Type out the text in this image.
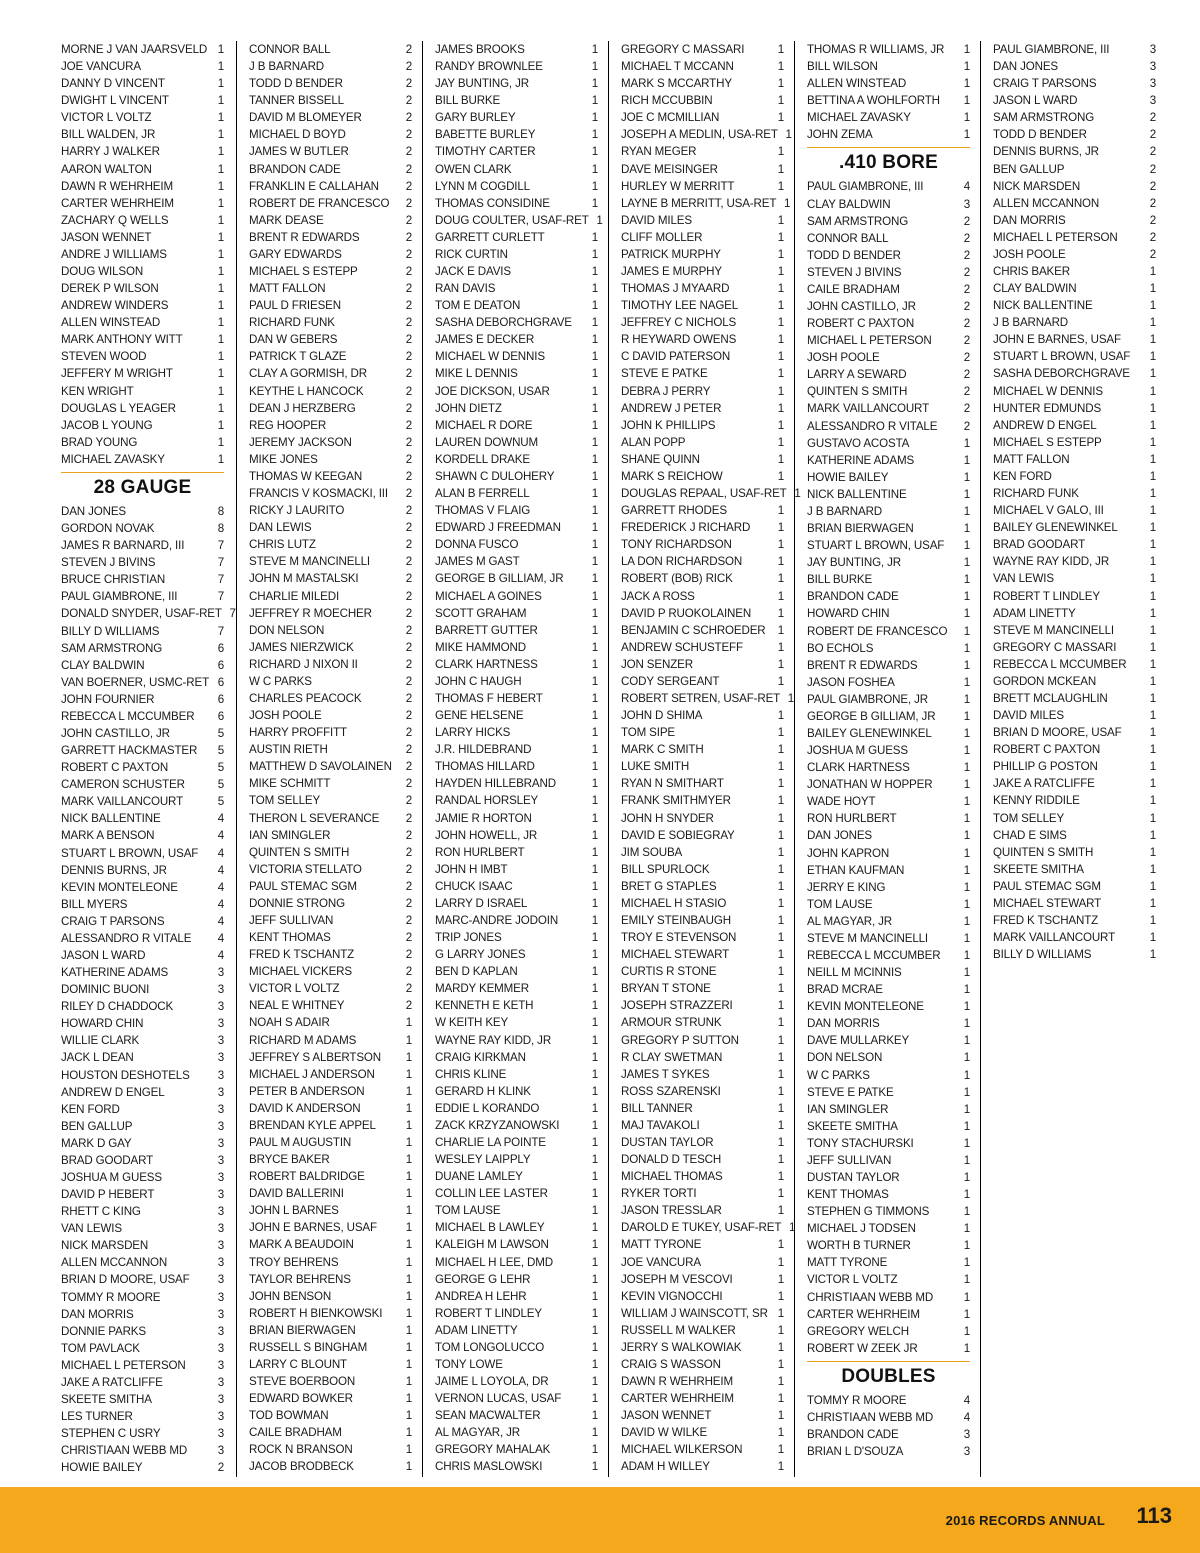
MORNE J VAN JAARSVELD 1
JOE VANCURA	1
DANNY D VINCENT	1
DWIGHT L VINCENT	1
VICTOR L VOLTZ	1
BILL WALDEN, JR	1
HARRY J WALKER	1
AARON WALTON	1
DAWN R WEHRHEIM	1
CARTER WEHRHEIM	1
ZACHARY Q WELLS	1
JASON WENNET	1
ANDRE J WILLIAMS	1
DOUG WILSON	1
DEREK P WILSON	1
ANDREW WINDERS	1
ALLEN WINSTEAD	1
MARK ANTHONY WITT	1
STEVEN WOOD	1
JEFFERY M WRIGHT	1
KEN WRIGHT	1
DOUGLAS L YEAGER	1
JACOB L YOUNG	1
BRAD YOUNG	1
MICHAEL ZAVASKY	1
28 GAUGE
DAN JONES	8
GORDON NOVAK	8
JAMES R BARNARD, III	7
STEVEN J BIVINS	7
BRUCE CHRISTIAN	7
PAUL GIAMBRONE, III	7
DONALD SNYDER, USAF-RET 7
BILLY D WILLIAMS	7
SAM ARMSTRONG	6
CLAY BALDWIN	6
VAN BOERNER, USMC-RET 6
JOHN FOURNIER	6
REBECCA L MCCUMBER	6
JOHN CASTILLO, JR	5
GARRETT HACKMASTER	5
ROBERT C PAXTON	5
CAMERON SCHUSTER	5
MARK VAILLANCOURT	5
NICK BALLENTINE	4
MARK A BENSON	4
STUART L BROWN, USAF	4
DENNIS BURNS, JR	4
KEVIN MONTELEONE	4
BILL MYERS	4
CRAIG T PARSONS	4
ALESSANDRO R VITALE	4
JASON L WARD	4
KATHERINE ADAMS	3
DOMINIC BUONI	3
RILEY D CHADDOCK	3
HOWARD CHIN	3
WILLIE CLARK	3
JACK L DEAN	3
HOUSTON DESHOTELS	3
ANDREW D ENGEL	3
KEN FORD	3
BEN GALLUP	3
MARK D GAY	3
BRAD GOODART	3
JOSHUA M GUESS	3
DAVID P HEBERT	3
RHETT C KING	3
VAN LEWIS	3
NICK MARSDEN	3
ALLEN MCCANNON	3
BRIAN D MOORE, USAF	3
TOMMY R MOORE	3
DAN MORRIS	3
DONNIE PARKS	3
TOM PAVLACK	3
MICHAEL L PETERSON	3
JAKE A RATCLIFFE	3
SKEETE SMITHA	3
LES TURNER	3
STEPHEN C USRY	3
CHRISTIAAN WEBB MD	3
HOWIE BAILEY	2
CONNOR BALL	2
J B BARNARD	2
TODD D BENDER	2
TANNER BISSELL	2
DAVID M BLOMEYER	2
MICHAEL D BOYD	2
JAMES W BUTLER	2
BRANDON CADE	2
FRANKLIN E CALLAHAN	2
ROBERT DE FRANCESCO	2
MARK DEASE	2
BRENT R EDWARDS	2
GARY EDWARDS	2
MICHAEL S ESTEPP	2
MATT FALLON	2
PAUL D FRIESEN	2
RICHARD FUNK	2
DAN W GEBERS	2
PATRICK T GLAZE	2
CLAY A GORMISH, DR	2
KEYTHE L HANCOCK	2
DEAN J HERZBERG	2
REG HOOPER	2
JEREMY JACKSON	2
MIKE JONES	2
THOMAS W KEEGAN	2
FRANCIS V KOSMACKI, III	2
RICKY J LAURITO	2
DAN LEWIS	2
CHRIS LUTZ	2
STEVE M MANCINELLI	2
JOHN M MASTALSKI	2
CHARLIE MILEDI	2
JEFFREY R MOECHER	2
DON NELSON	2
JAMES NIERZWICK	2
RICHARD J NIXON II	2
W C PARKS	2
CHARLES PEACOCK	2
JOSH POOLE	2
HARRY PROFFITT	2
AUSTIN RIETH	2
MATTHEW D SAVOLAINEN	2
MIKE SCHMITT	2
TOM SELLEY	2
THERON L SEVERANCE	2
IAN SMINGLER	2
QUINTEN S SMITH	2
VICTORIA STELLATO	2
PAUL STEMAC SGM	2
DONNIE STRONG	2
JEFF SULLIVAN	2
KENT THOMAS	2
FRED K TSCHANTZ	2
MICHAEL VICKERS	2
VICTOR L VOLTZ	2
NEAL E WHITNEY	2
NOAH S ADAIR	1
RICHARD M ADAMS	1
JEFFREY S ALBERTSON	1
MICHAEL J ANDERSON	1
PETER B ANDERSON	1
DAVID K ANDERSON	1
BRENDAN KYLE APPEL	1
PAUL M AUGUSTIN	1
BRYCE BAKER	1
ROBERT BALDRIDGE	1
DAVID BALLERINI	1
JOHN L BARNES	1
JOHN E BARNES, USAF	1
MARK A BEAUDOIN	1
TROY BEHRENS	1
TAYLOR BEHRENS	1
JOHN BENSON	1
ROBERT H BIENKOWSKI	1
BRIAN BIERWAGEN	1
RUSSELL S BINGHAM	1
LARRY C BLOUNT	1
STEVE BOERBOON	1
EDWARD BOWKER	1
TOD BOWMAN	1
CAILE BRADHAM	1
ROCK N BRANSON	1
JACOB BRODBECK	1
JAMES BROOKS	1
RANDY BROWNLEE	1
JAY BUNTING, JR	1
BILL BURKE	1
GARY BURLEY	1
BABETTE BURLEY	1
TIMOTHY CARTER	1
OWEN CLARK	1
LYNN M COGDILL	1
THOMAS CONSIDINE	1
DOUG COULTER, USAF-RET 1
GARRETT CURLETT	1
RICK CURTIN	1
JACK E DAVIS	1
RAN DAVIS	1
TOM E DEATON	1
SASHA DEBORCHGRAVE	1
JAMES E DECKER	1
MICHAEL W DENNIS	1
MIKE L DENNIS	1
JOE DICKSON, USAR	1
JOHN DIETZ	1
MICHAEL R DORE	1
LAUREN DOWNUM	1
KORDELL DRAKE	1
SHAWN C DULOHERY	1
ALAN B FERRELL	1
THOMAS V FLAIG	1
EDWARD J FREEDMAN	1
DONNA FUSCO	1
JAMES M GAST	1
GEORGE B GILLIAM, JR	1
MICHAEL A GOINES	1
SCOTT GRAHAM	1
BARRETT GUTTER	1
MIKE HAMMOND	1
CLARK HARTNESS	1
JOHN C HAUGH	1
THOMAS F HEBERT	1
GENE HELSENE	1
LARRY HICKS	1
J.R. HILDEBRAND	1
THOMAS HILLARD	1
HAYDEN HILLEBRAND	1
RANDAL HORSLEY	1
JAMIE R HORTON	1
JOHN HOWELL, JR	1
RON HURLBERT	1
JOHN H IMBT	1
CHUCK ISAAC	1
LARRY D ISRAEL	1
MARC-ANDRE JODOIN	1
TRIP JONES	1
G LARRY JONES	1
BEN D KAPLAN	1
MARDY KEMMER	1
KENNETH E KETH	1
W KEITH KEY	1
WAYNE RAY KIDD, JR	1
CRAIG KIRKMAN	1
CHRIS KLINE	1
GERARD H KLINK	1
EDDIE L KORANDO	1
ZACK KRZYZANOWSKI	1
CHARLIE LA POINTE	1
WESLEY LAIPPLY	1
DUANE LAMLEY	1
COLLIN LEE LASTER	1
TOM LAUSE	1
MICHAEL B LAWLEY	1
KALEIGH M LAWSON	1
MICHAEL H LEE, DMD	1
GEORGE G LEHR	1
ANDREA H LEHR	1
ROBERT T LINDLEY	1
ADAM LINETTY	1
TOM LONGOLUCCO	1
TONY LOWE	1
JAIME L LOYOLA, DR	1
VERNON LUCAS, USAF	1
SEAN MACWALTER	1
AL MAGYAR, JR	1
GREGORY MAHALAK	1
CHRIS MASLOWSKI	1
GREGORY C MASSARI	1
MICHAEL T MCCANN	1
MARK S MCCARTHY	1
RICH MCCUBBIN	1
JOE C MCMILLIAN	1
JOSEPH A MEDLIN, USA-RET 1
RYAN MEGER	1
DAVE MEISINGER	1
HURLEY W MERRITT	1
LAYNE B MERRITT, USA-RET 1
DAVID MILES	1
CLIFF MOLLER	1
PATRICK MURPHY	1
JAMES E MURPHY	1
THOMAS J MYAARD	1
TIMOTHY LEE NAGEL	1
JEFFREY C NICHOLS	1
R HEYWARD OWENS	1
C DAVID PATERSON	1
STEVE E PATKE	1
DEBRA J PERRY	1
ANDREW J PETER	1
JOHN K PHILLIPS	1
ALAN POPP	1
SHANE QUINN	1
MARK S REICHOW	1
DOUGLAS REPAAL, USAF-RET 1
GARRETT RHODES	1
FREDERICK J RICHARD	1
TONY RICHARDSON	1
LA DON RICHARDSON	1
ROBERT (BOB) RICK	1
JACK A ROSS	1
DAVID P RUOKOLAINEN	1
BENJAMIN C SCHROEDER	1
ANDREW SCHUSTEFF	1
JON SENZER	1
CODY SERGEANT	1
ROBERT SETREN, USAF-RET 1
JOHN D SHIMA	1
TOM SIPE	1
MARK C SMITH	1
LUKE SMITH	1
RYAN N SMITHART	1
FRANK SMITHMYER	1
JOHN H SNYDER	1
DAVID E SOBIEGRAY	1
JIM SOUBA	1
BILL SPURLOCK	1
BRET G STAPLES	1
MICHAEL H STASIO	1
EMILY STEINBAUGH	1
TROY E STEVENSON	1
MICHAEL STEWART	1
CURTIS R STONE	1
BRYAN T STONE	1
JOSEPH STRAZZERI	1
ARMOUR STRUNK	1
GREGORY P SUTTON	1
R CLAY SWETMAN	1
JAMES T SYKES	1
ROSS SZARENSKI	1
BILL TANNER	1
MAJ TAVAKOLI	1
DUSTAN TAYLOR	1
DONALD D TESCH	1
MICHAEL THOMAS	1
RYKER TORTI	1
JASON TRESSLAR	1
DAROLD E TUKEY, USAF-RET 1
MATT TYRONE	1
JOE VANCURA	1
JOSEPH M VESCOVI	1
KEVIN VIGNOCCHI	1
WILLIAM J WAINSCOTT, SR 1
RUSSELL M WALKER	1
JERRY S WALKOWIAK	1
CRAIG S WASSON	1
DAWN R WEHRHEIM	1
CARTER WEHRHEIM	1
JASON WENNET	1
DAVID W WILKE	1
MICHAEL WILKERSON	1
ADAM H WILLEY	1
THOMAS R WILLIAMS, JR	1
BILL WILSON	1
ALLEN WINSTEAD	1
BETTINA A WOHLFORTH	1
MICHAEL ZAVASKY	1
JOHN ZEMA	1
.410 BORE
PAUL GIAMBRONE, III	4
CLAY BALDWIN	3
SAM ARMSTRONG	2
CONNOR BALL	2
TODD D BENDER	2
STEVEN J BIVINS	2
CAILE BRADHAM	2
JOHN CASTILLO, JR	2
ROBERT C PAXTON	2
MICHAEL L PETERSON	2
JOSH POOLE	2
LARRY A SEWARD	2
QUINTEN S SMITH	2
MARK VAILLANCOURT	2
ALESSANDRO R VITALE	2
GUSTAVO ACOSTA	1
KATHERINE ADAMS	1
HOWIE BAILEY	1
NICK BALLENTINE	1
J B BARNARD	1
BRIAN BIERWAGEN	1
STUART L BROWN, USAF	1
JAY BUNTING, JR	1
BILL BURKE	1
BRANDON CADE	1
HOWARD CHIN	1
ROBERT DE FRANCESCO	1
BO ECHOLS	1
BRENT R EDWARDS	1
JASON FOSHEA	1
PAUL GIAMBRONE, JR	1
GEORGE B GILLIAM, JR	1
BAILEY GLENEWINKEL	1
JOSHUA M GUESS	1
CLARK HARTNESS	1
JONATHAN W HOPPER	1
WADE HOYT	1
RON HURLBERT	1
DAN JONES	1
JOHN KAPRON	1
ETHAN KAUFMAN	1
JERRY E KING	1
TOM LAUSE	1
AL MAGYAR, JR	1
STEVE M MANCINELLI	1
REBECCA L MCCUMBER	1
NEILL M MCINNIS	1
BRAD MCRAE	1
KEVIN MONTELEONE	1
DAN MORRIS	1
DAVE MULLARKEY	1
DON NELSON	1
W C PARKS	1
STEVE E PATKE	1
IAN SMINGLER	1
SKEETE SMITHA	1
TONY STACHURSKI	1
JEFF SULLIVAN	1
DUSTAN TAYLOR	1
KENT THOMAS	1
STEPHEN G TIMMONS	1
MICHAEL J TODSEN	1
WORTH B TURNER	1
MATT TYRONE	1
VICTOR L VOLTZ	1
CHRISTIAAN WEBB MD	1
CARTER WEHRHEIM	1
GREGORY WELCH	1
ROBERT W ZEEK JR	1
DOUBLES
TOMMY R MOORE	4
CHRISTIAAN WEBB MD	4
BRANDON CADE	3
BRIAN L D'SOUZA	3
PAUL GIAMBRONE, III	3
DAN JONES	3
CRAIG T PARSONS	3
JASON L WARD	3
SAM ARMSTRONG	2
TODD D BENDER	2
DENNIS BURNS, JR	2
BEN GALLUP	2
NICK MARSDEN	2
ALLEN MCCANNON	2
DAN MORRIS	2
MICHAEL L PETERSON	2
JOSH POOLE	2
CHRIS BAKER	1
CLAY BALDWIN	1
NICK BALLENTINE	1
J B BARNARD	1
JOHN E BARNES, USAF	1
STUART L BROWN, USAF	1
SASHA DEBORCHGRAVE	1
MICHAEL W DENNIS	1
HUNTER EDMUNDS	1
ANDREW D ENGEL	1
MICHAEL S ESTEPP	1
MATT FALLON	1
KEN FORD	1
RICHARD FUNK	1
MICHAEL V GALO, III	1
BAILEY GLENEWINKEL	1
BRAD GOODART	1
WAYNE RAY KIDD, JR	1
VAN LEWIS	1
ROBERT T LINDLEY	1
ADAM LINETTY	1
STEVE M MANCINELLI	1
GREGORY C MASSARI	1
REBECCA L MCCUMBER	1
GORDON MCKEAN	1
BRETT MCLAUGHLIN	1
DAVID MILES	1
BRIAN D MOORE, USAF	1
ROBERT C PAXTON	1
PHILLIP G POSTON	1
JAKE A RATCLIFFE	1
KENNY RIDDILE	1
TOM SELLEY	1
CHAD E SIMS	1
QUINTEN S SMITH	1
SKEETE SMITHA	1
PAUL STEMAC SGM	1
MICHAEL STEWART	1
FRED K TSCHANTZ	1
MARK VAILLANCOURT	1
BILLY D WILLIAMS	1
2016 RECORDS ANNUAL 113
